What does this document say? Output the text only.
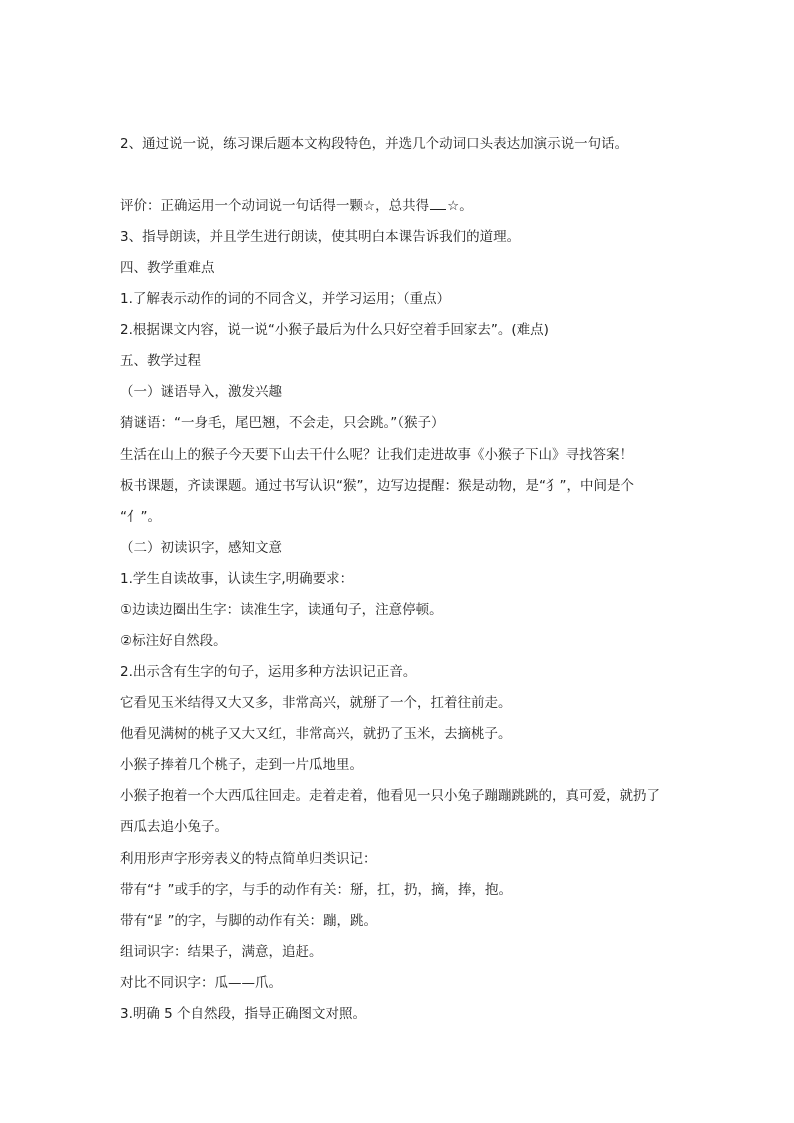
2、通过说一说，练习课后题本文构段特色，并选几个动词口头表达加演示说一句话。
评价：正确运用一个动词说一句话得一颗☆，总共得 ☆。
3、指导朗读，并且学生进行朗读，使其明白本课告诉我们的道理。
四、教学重难点
1.了解表示动作的词的不同含义，并学习运用；（重点）
2.根据课文内容，说一说“小猴子最后为什么只好空着手回家去”。(难点)
五、教学过程
（一）谜语导入，激发兴趣
猜谜语：“一身毛，尾巴翘，不会走，只会跳。”（猴子）
生活在山上的猴子今天要下山去干什么呢？让我们走进故事《小猴子下山》寻找答案！
板书课题，齐读课题。通过书写认识“猴”，边写边提醒：猴是动物，是“犭”，中间是个
“亻”。
（二）初读识字，感知文意
1.学生自读故事，认读生字,明确要求：
①边读边圈出生字：读准生字，读通句子，注意停顿。
②标注好自然段。
2.出示含有生字的句子，运用多种方法识记正音。
它看见玉米结得又大又多，非常高兴，就掰了一个，扛着往前走。
他看见满树的桃子又大又红，非常高兴，就扔了玉米，去摘桃子。
小猴子捧着几个桃子，走到一片瓜地里。
小猴子抱着一个大西瓜往回走。走着走着，他看见一只小兔子蹦蹦跳跳的，真可爱，就扔了
西瓜去追小兔子。
利用形声字形旁表义的特点简单归类识记：
带有“扌”或手的字，与手的动作有关：掰，扛，扔，摘，捧，抱。
带有“𧾷”的字，与脚的动作有关：蹦，跳。
组词识字：结果子，满意，追赶。
对比不同识字：瓜——爪。
3.明确 5 个自然段，指导正确图文对照。
